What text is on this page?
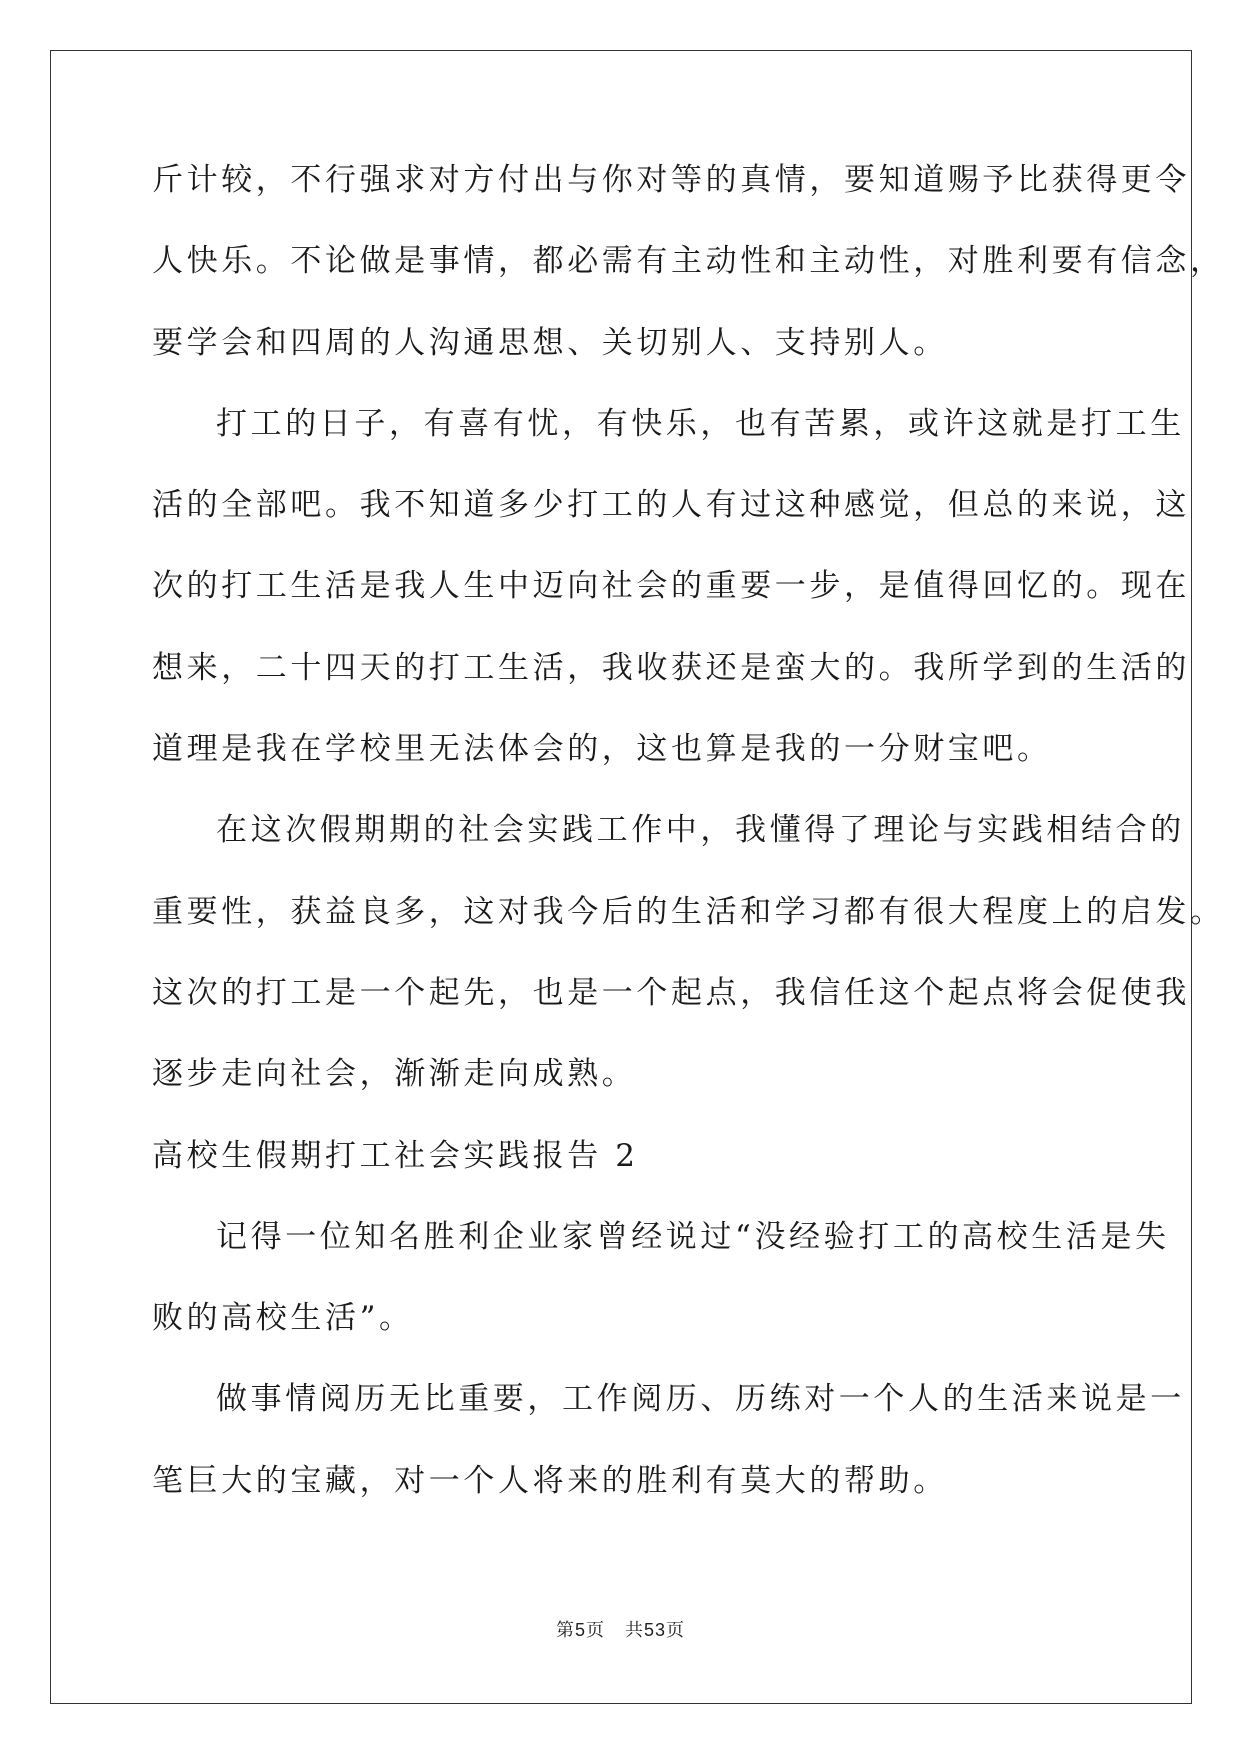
斤计较，不行强求对方付出与你对等的真情，要知道赐予比获得更令
人快乐。不论做是事情，都必需有主动性和主动性，对胜利要有信念，
要学会和四周的人沟通思想、关切别人、支持别人。
打工的日子，有喜有忧，有快乐，也有苦累，或许这就是打工生
活的全部吧。我不知道多少打工的人有过这种感觉，但总的来说，这
次的打工生活是我人生中迈向社会的重要一步，是值得回忆的。现在
想来，二十四天的打工生活，我收获还是蛮大的。我所学到的生活的
道理是我在学校里无法体会的，这也算是我的一分财宝吧。
在这次假期期的社会实践工作中，我懂得了理论与实践相结合的
重要性，获益良多，这对我今后的生活和学习都有很大程度上的启发。
这次的打工是一个起先，也是一个起点，我信任这个起点将会促使我
逐步走向社会，渐渐走向成熟。
高校生假期打工社会实践报告 2
记得一位知名胜利企业家曾经说过“没经验打工的高校生活是失
败的高校生活”。
做事情阅历无比重要，工作阅历、历练对一个人的生活来说是一
笔巨大的宝藏，对一个人将来的胜利有莫大的帮助。
第5页 共53页
